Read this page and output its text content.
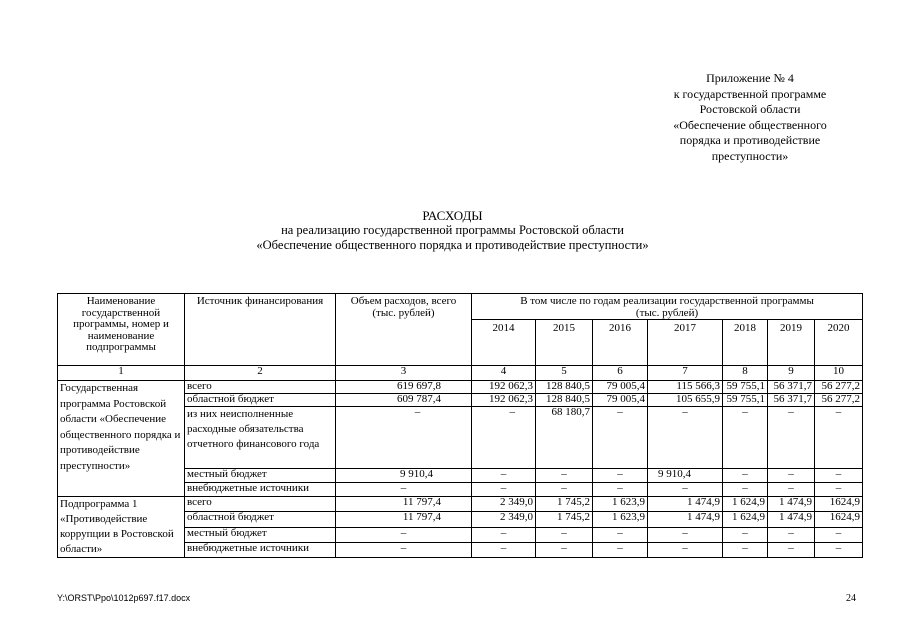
Приложение № 4
к государственной программе
Ростовской области
«Обеспечение общественного
порядка и противодействие
преступности»
РАСХОДЫ
на реализацию государственной программы Ростовской области
«Обеспечение общественного порядка и противодействие преступности»
Наименование государственной программы, номер и наименование подпрограммы	Источник финансирования	Объем расходов, всего (тыс. рублей)	В том числе по годам реализации государственной программы (тыс. рублей)						
			2014	2015	2016	2017	2018	2019	2020
1	2	3	4	5	6	7	8	9	10
Государственная программа Ростовской области «Обеспечение общественного порядка и противодействие преступности»	всего	619 697,8	192 062,3	128 840,5	79 005,4	115 566,3	59 755,1	56 371,7	56 277,2
	областной бюджет	609 787,4	192 062,3	128 840,5	79 005,4	105 655,9	59 755,1	56 371,7	56 277,2
	из них неисполненные расходные обязательства отчетного финансового года	–	–	68 180,7	–	–	–	–	–
	местный бюджет	9 910,4	–	–	–	9 910,4	–	–	–
	внебюджетные источники	–	–	–	–	–	–	–	–
Подпрограмма 1 «Противодействие коррупции в Ростовской области»	всего	11 797,4	2 349,0	1 745,2	1 623,9	1 474,9	1 624,9	1 474,9	1624,9
	областной бюджет	11 797,4	2 349,0	1 745,2	1 623,9	1 474,9	1 624,9	1 474,9	1624,9
	местный бюджет	–	–	–	–	–	–	–	–
	внебюджетные источники	–	–	–	–	–	–	–	–
Y:\ORST\Ppo\1012p697.f17.docx	24
